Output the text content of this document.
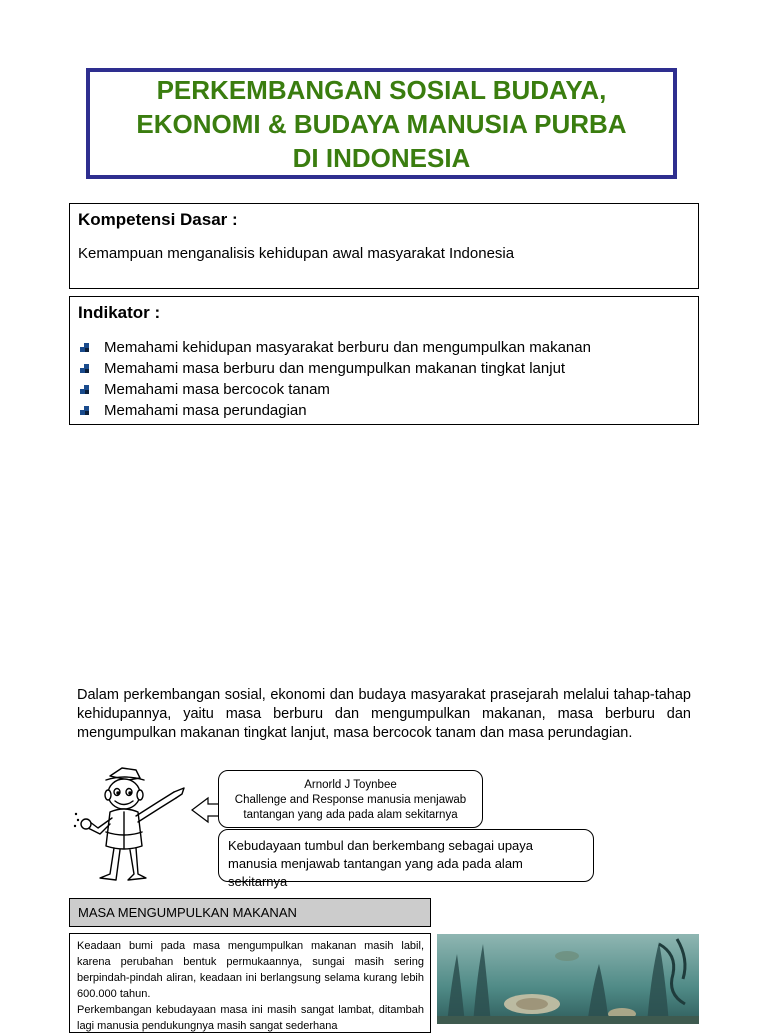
PERKEMBANGAN SOSIAL BUDAYA,
EKONOMI & BUDAYA MANUSIA PURBA
DI INDONESIA
Kompetensi Dasar :
Kemampuan menganalisis kehidupan awal masyarakat Indonesia
Indikator :
Memahami kehidupan masyarakat berburu dan mengumpulkan makanan
Memahami masa berburu dan mengumpulkan makanan tingkat lanjut
Memahami masa bercocok tanam
Memahami masa perundagian
Dalam perkembangan sosial, ekonomi dan budaya masyarakat prasejarah melalui tahap-tahap kehidupannya, yaitu masa berburu dan mengumpulkan makanan, masa berburu dan mengumpulkan makanan tingkat lanjut, masa bercocok tanam dan masa perundagian.
Arnorld J Toynbee
Challenge and Response manusia menjawab
tantangan yang ada pada alam sekitarnya
Kebudayaan tumbul dan berkembang sebagai upaya manusia menjawab tantangan yang ada pada alam sekitarnya
MASA MENGUMPULKAN MAKANAN

Keadaan bumi pada masa mengumpulkan makanan masih labil, karena perubahan bentuk permukaannya, sungai masih sering berpindah-pindah aliran, keadaan ini berlangsung selama kurang lebih 600.000 tahun.

Perkembangan kebudayaan masa ini masih sangat lambat, ditambah lagi manusia pendukungnya masih sangat sederhana
